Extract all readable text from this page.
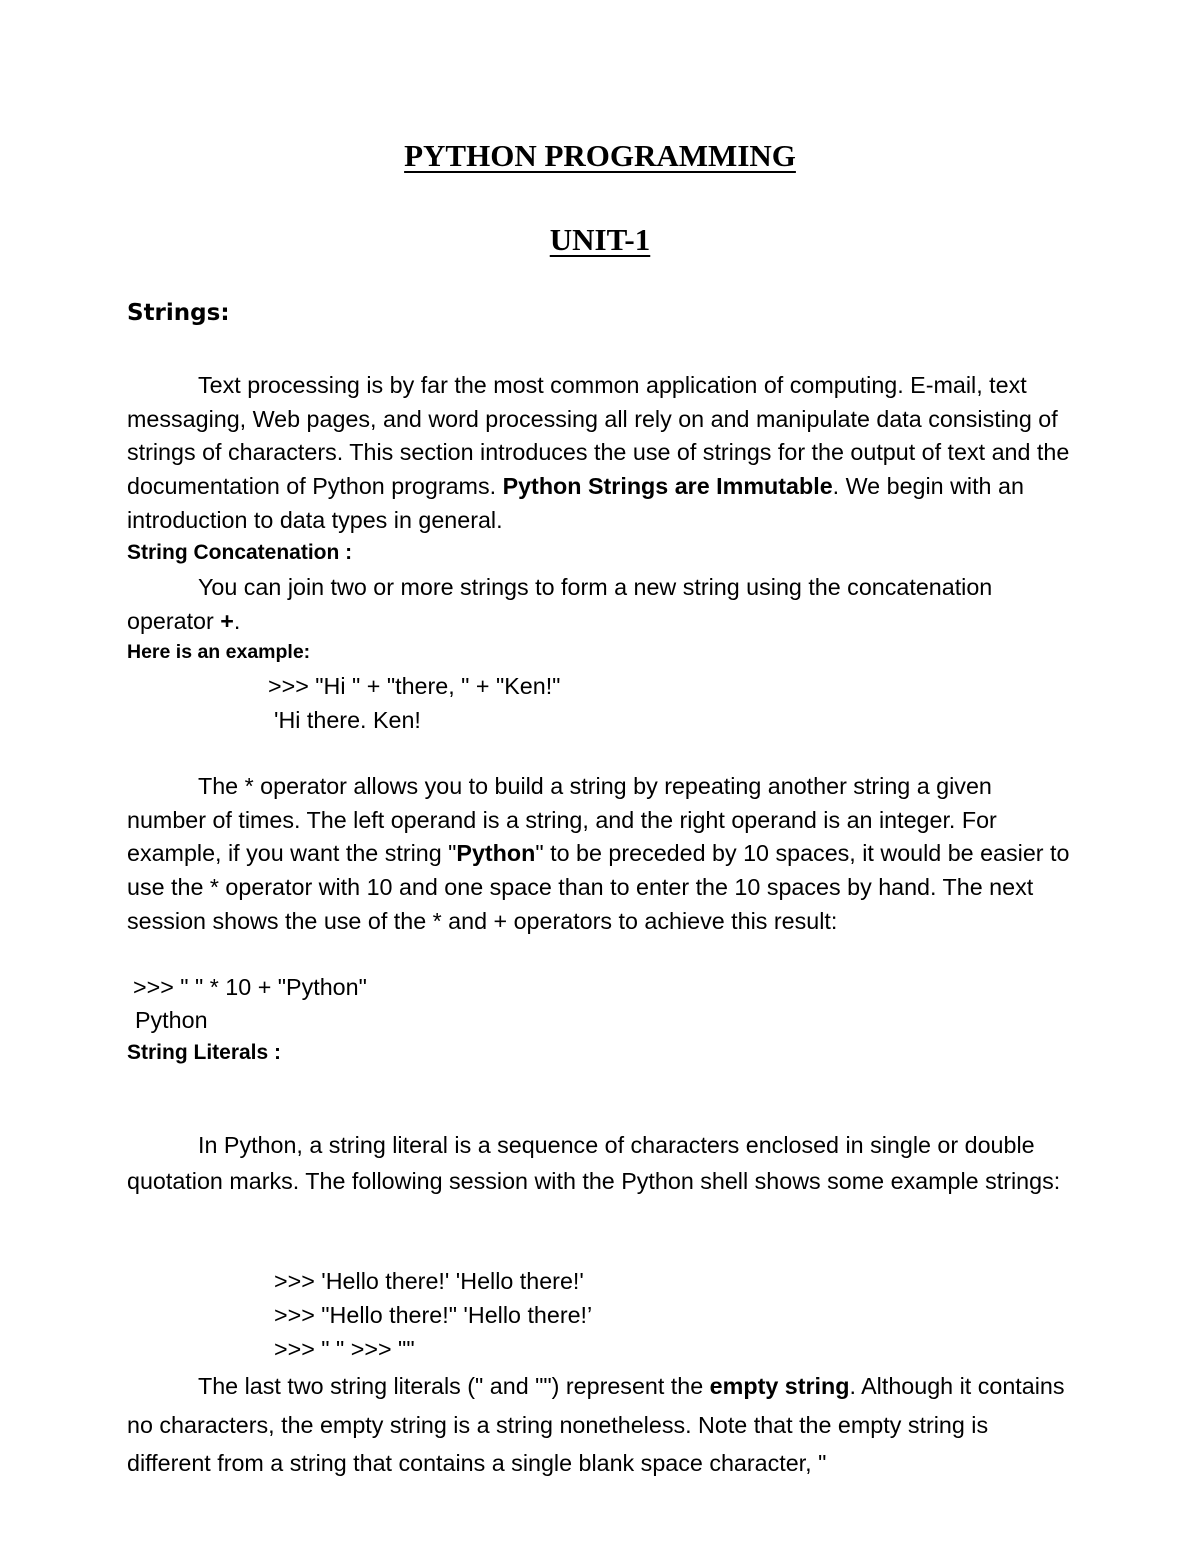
PYTHON PROGRAMMING
UNIT-1
Strings:

Text processing is by far the most common application of computing. E-mail, text messaging, Web pages, and word processing all rely on and manipulate data consisting of strings of characters. This section introduces the use of strings for the output of text and the documentation of Python programs. Python Strings are Immutable. We begin with an introduction to data types in general.

String Concatenation :

You can join two or more strings to form a new string using the concatenation operator +.

Here is an example:

>>> "Hi " + "there, " + "Ken!"

'Hi there. Ken!

The * operator allows you to build a string by repeating another string a given number of times. The left operand is a string, and the right operand is an integer. For example, if you want the string "Python" to be preceded by 10 spaces, it would be easier to use the * operator with 10 and one space than to enter the 10 spaces by hand. The next session shows the use of the * and + operators to achieve this result:

>>> " " * 10 + "Python"

Python

String Literals :

In Python, a string literal is a sequence of characters enclosed in single or double quotation marks. The following session with the Python shell shows some example strings:

>>> 'Hello there!' 'Hello there!'

>>> "Hello there!" 'Hello there!’

>>> " " >>> ""

The last two string literals (" and "") represent the empty string. Although it contains no characters, the empty string is a string nonetheless. Note that the empty string is different from a string that contains a single blank space character, "
